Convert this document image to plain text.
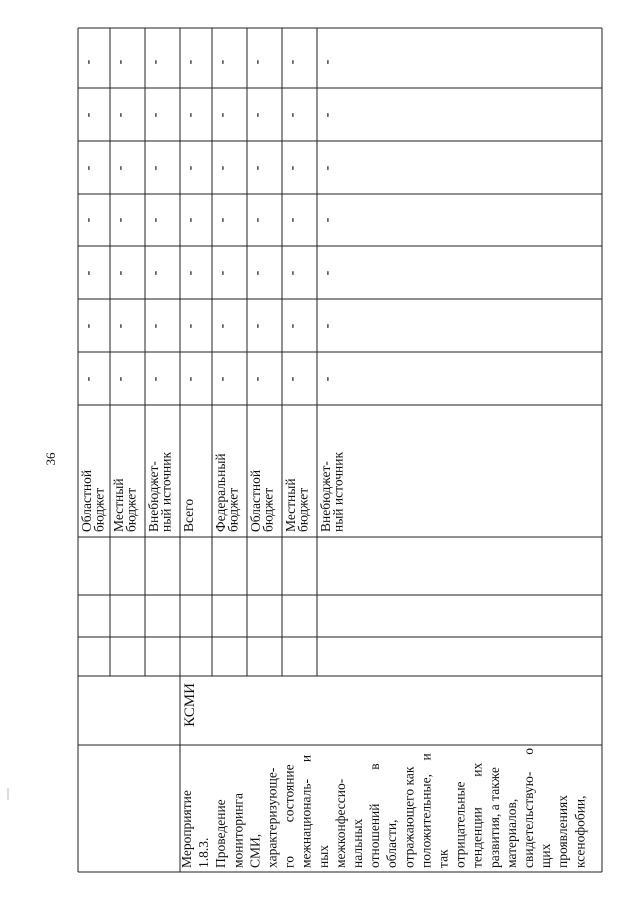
36
Областной
бюджет
-
-
-
-
-
-
-
Местный
бюджет
-
-
-
-
-
-
-
Внебюджет-
ный источник
-
-
-
-
-
-
-
Всего
-
-
-
-
-
-
-
Федеральный
бюджет
-
-
-
-
-
-
-
Областной
бюджет
-
-
-
-
-
-
-
Местный
бюджет
-
-
-
-
-
-
-
Внебюджет-
ный источник
-
-
-
-
-
-
-
КСМИ
Мероприятие 1.8.3. Проведение мониторинга СМИ, характеризующе- го          состояние межнациональ-     и ных межконфессио- нальных отношений          в области, отражающего как положительные,    и так отрицательные тенденции         их развития, а также материалов, свидетельствую-     о щих проявлениях ксенофобии,
